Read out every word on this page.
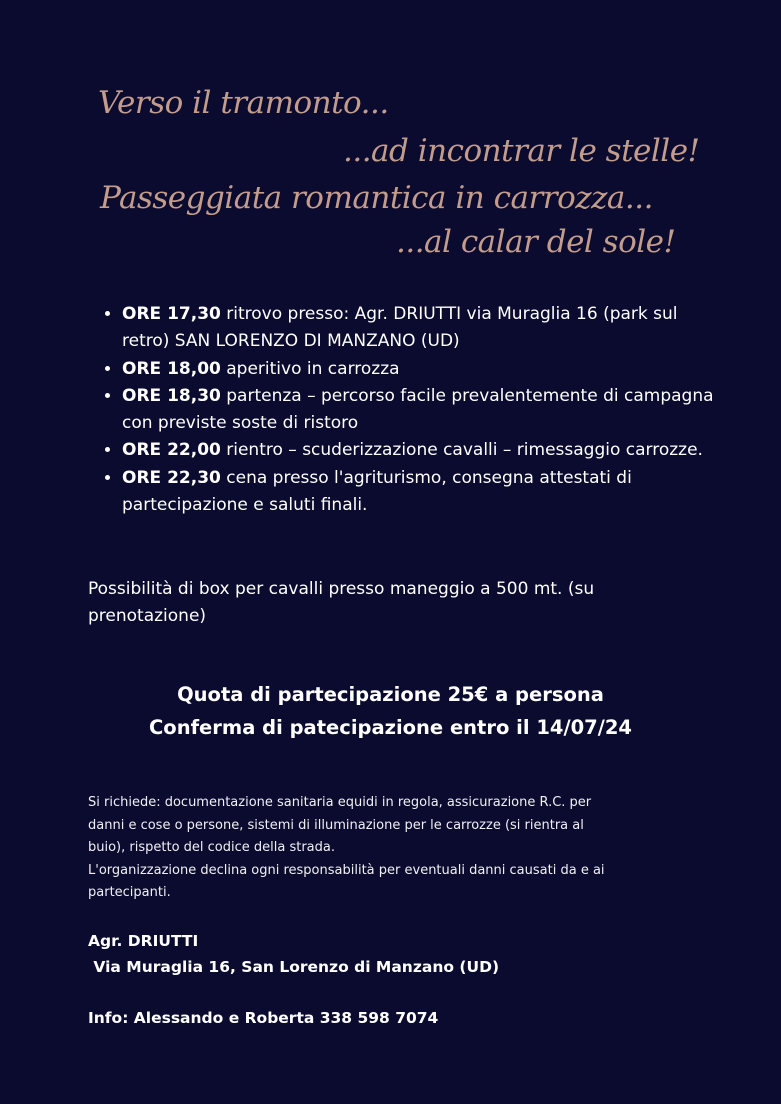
Verso il tramonto...
...ad incontrar le stelle!
Passeggiata romantica in carrozza...
...al calar del sole!
• ORE 17,30 ritrovo presso: Agr. DRIUTTI via Muraglia 16 (park sul retro) SAN LORENZO DI MANZANO (UD)
• ORE 18,00 aperitivo in carrozza
• ORE 18,30 partenza – percorso facile prevalentemente di campagna con previste soste di ristoro
• ORE 22,00 rientro – scuderizzazione cavalli – rimessaggio carrozze.
• ORE 22,30 cena presso l'agriturismo, consegna attestati di partecipazione e saluti finali.

Possibilità di box per cavalli presso maneggio a 500 mt. (su prenotazione)

Quota di partecipazione 25€ a persona

Conferma di patecipazione entro il 14/07/24

Si richiede: documentazione sanitaria equidi in regola, assicurazione R.C. per
danni e cose o persone, sistemi di illuminazione per le carrozze (si rientra al
buio), rispetto del codice della strada.
L'organizzazione declina ogni responsabilità per eventuali danni causati da e ai
partecipanti.

Agr. DRIUTTI

Via Muraglia 16, San Lorenzo di Manzano (UD)

Info: Alessando e Roberta 338 598 7074
